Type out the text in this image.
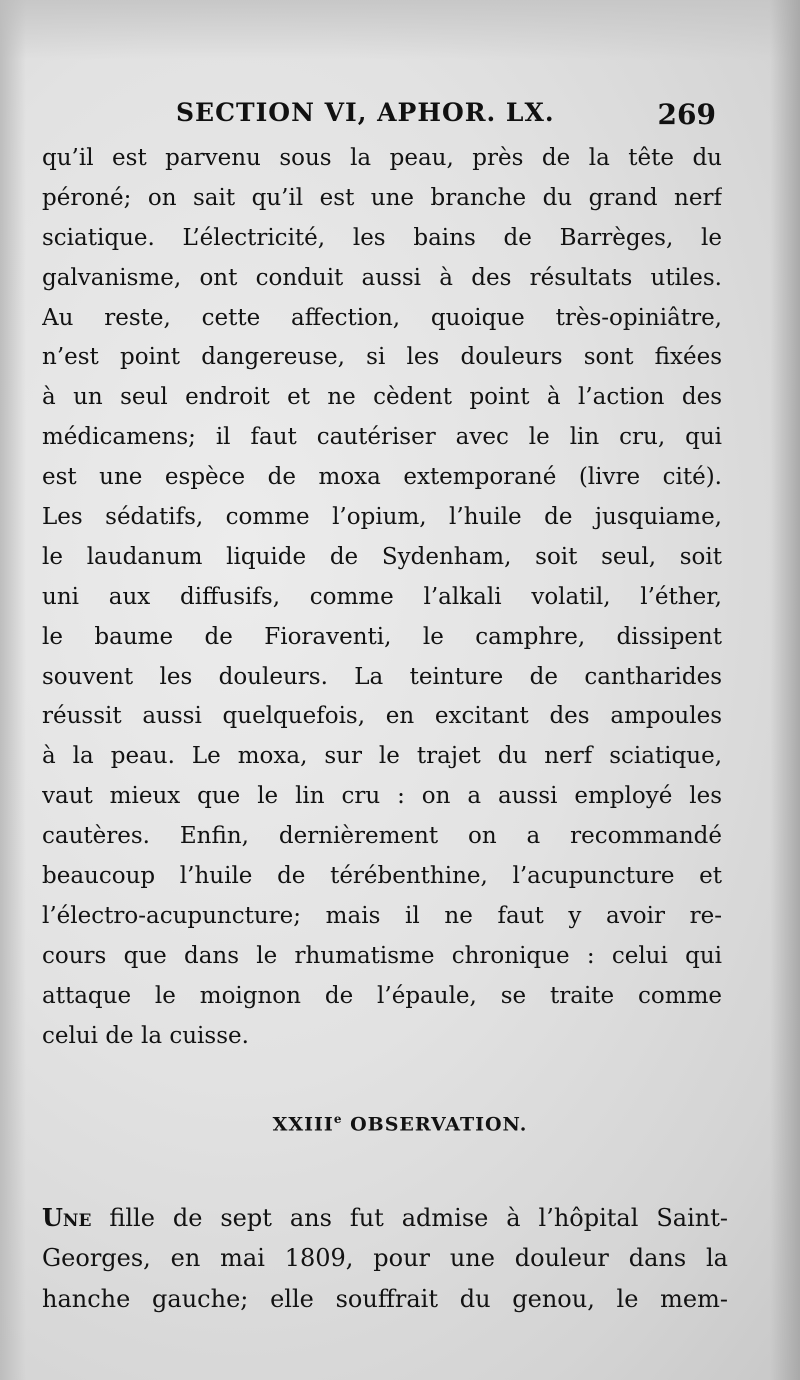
SECTION VI, APHOR. LX.	269
qu’il est parvenu sous la peau, près de la tête du
péroné; on sait qu’il est une branche du grand nerf
sciatique. L’électricité, les bains de Barrèges, le
galvanisme, ont conduit aussi à des résultats utiles.
Au reste, cette affection, quoique très-opiniâtre,
n’est point dangereuse, si les douleurs sont fixées
à un seul endroit et ne cèdent point à l’action des
médicamens; il faut cautériser avec le lin cru, qui
est une espèce de moxa extemporané (livre cité).
Les sédatifs, comme l’opium, l’huile de jusquiame,
le laudanum liquide de Sydenham, soit seul, soit
uni aux diffusifs, comme l’alkali volatil, l’éther,
le baume de Fioraventi, le camphre, dissipent
souvent les douleurs. La teinture de cantharides
réussit aussi quelquefois, en excitant des ampoules
à la peau. Le moxa, sur le trajet du nerf sciatique,
vaut mieux que le lin cru : on a aussi employé les
cautères. Enfin, dernièrement on a recommandé
beaucoup l’huile de térébenthine, l’acupuncture et
l’électro-acupuncture; mais il ne faut y avoir re-
cours que dans le rhumatisme chronique : celui qui
attaque le moignon de l’épaule, se traite comme
celui de la cuisse.
XXIIIe OBSERVATION.
Une fille de sept ans fut admise à l’hôpital Saint-
Georges, en mai 1809, pour une douleur dans la
hanche gauche; elle souffrait du genou, le mem-
